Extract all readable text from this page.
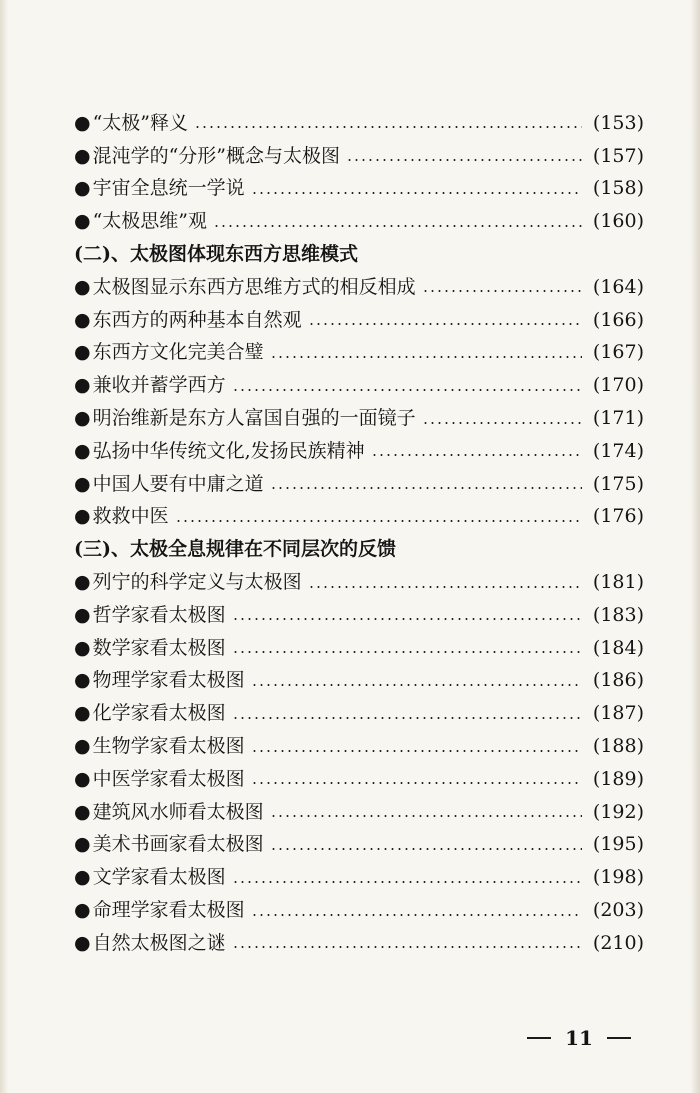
● “太极”释义	(153)
● 混沌学的“分形”概念与太极图	(157)
● 宇宙全息统一学说	(158)
● “太极思维”观	(160)
(二)、太极图体现东西方思维模式
● 太极图显示东西方思维方式的相反相成	(164)
● 东西方的两种基本自然观	(166)
● 东西方文化完美合璧	(167)
● 兼收并蓄学西方	(170)
● 明治维新是东方人富国自强的一面镜子	(171)
● 弘扬中华传统文化,发扬民族精神	(174)
● 中国人要有中庸之道	(175)
● 救救中医	(176)
(三)、太极全息规律在不同层次的反馈
● 列宁的科学定义与太极图	(181)
● 哲学家看太极图	(183)
● 数学家看太极图	(184)
● 物理学家看太极图	(186)
● 化学家看太极图	(187)
● 生物学家看太极图	(188)
● 中医学家看太极图	(189)
● 建筑风水师看太极图	(192)
● 美术书画家看太极图	(195)
● 文学家看太极图	(198)
● 命理学家看太极图	(203)
● 自然太极图之谜	(210)
11
